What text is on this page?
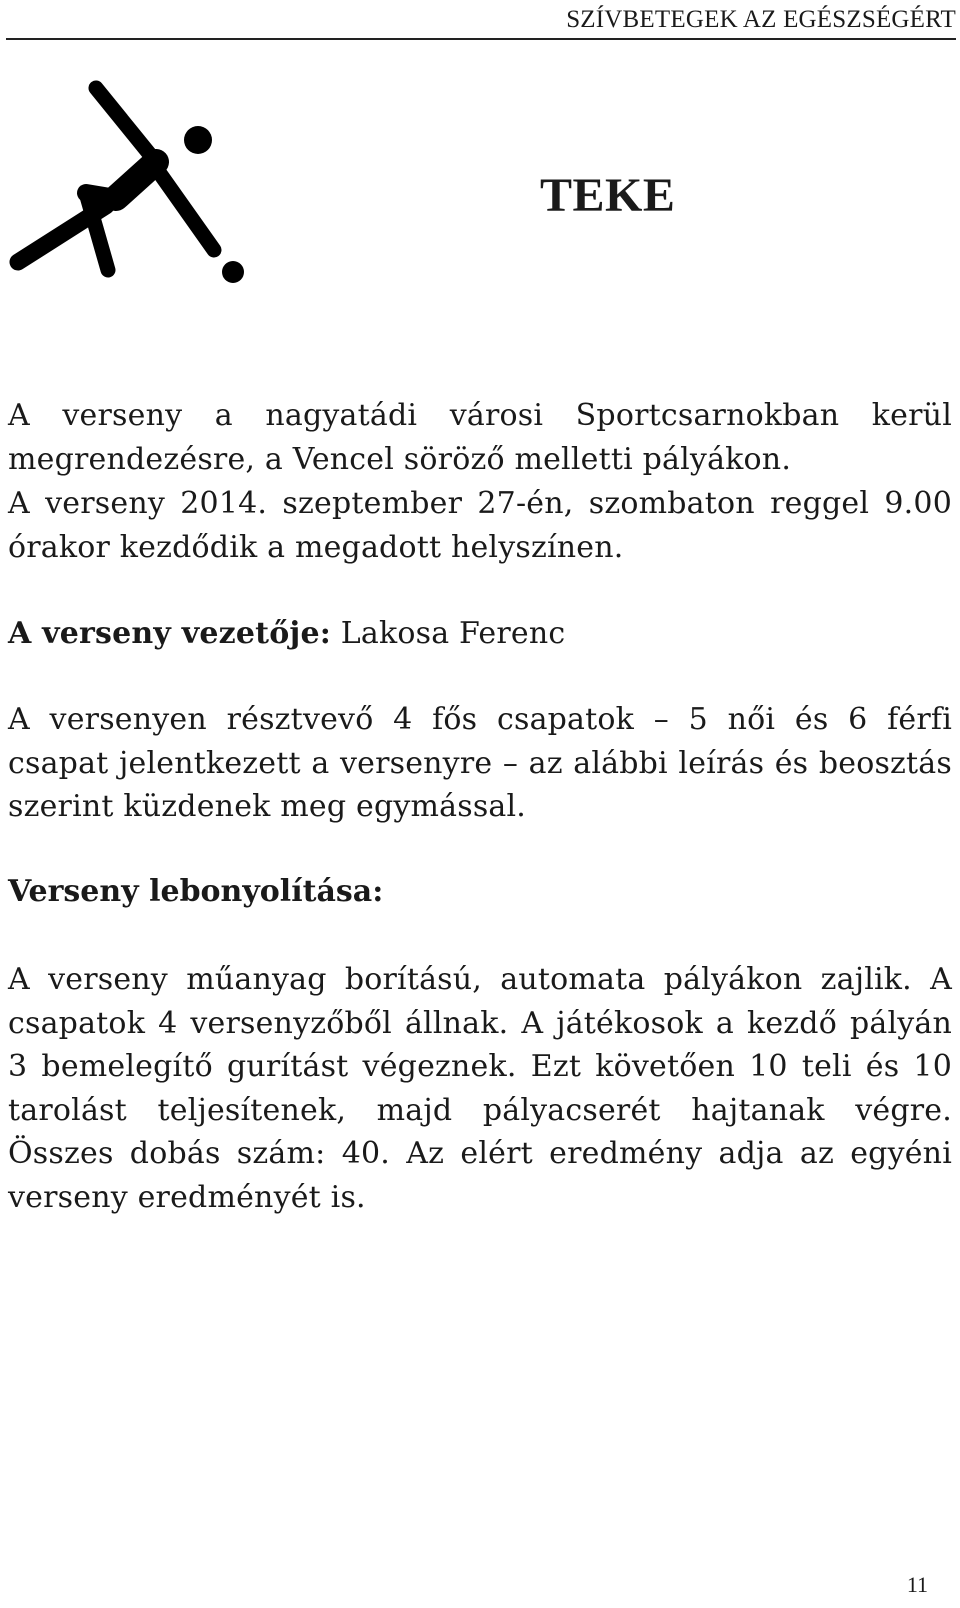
SZÍVBETEGEK AZ EGÉSZSÉGÉRT
TEKE

A verseny a nagyatádi városi Sportcsarnokban kerül megrendezésre, a Vencel söröző melletti pályákon.

A verseny 2014. szeptember 27-én, szombaton reggel 9.00 órakor kezdődik a megadott helyszínen.

A verseny vezetője: Lakosa Ferenc

A versenyen résztvevő 4 fős csapatok – 5 női és 6 férfi csapat jelentkezett a versenyre – az alábbi leírás és beosztás szerint küzdenek meg egymással.

Verseny lebonyolítása:

A verseny műanyag borítású, automata pályákon zajlik. A csapatok 4 versenyzőből állnak. A játékosok a kezdő pályán 3 bemelegítő gurítást végeznek. Ezt követően 10 teli és 10 tarolást teljesítenek, majd pályacserét hajtanak végre. Összes dobás szám: 40. Az elért eredmény adja az egyéni verseny eredményét is.

11
